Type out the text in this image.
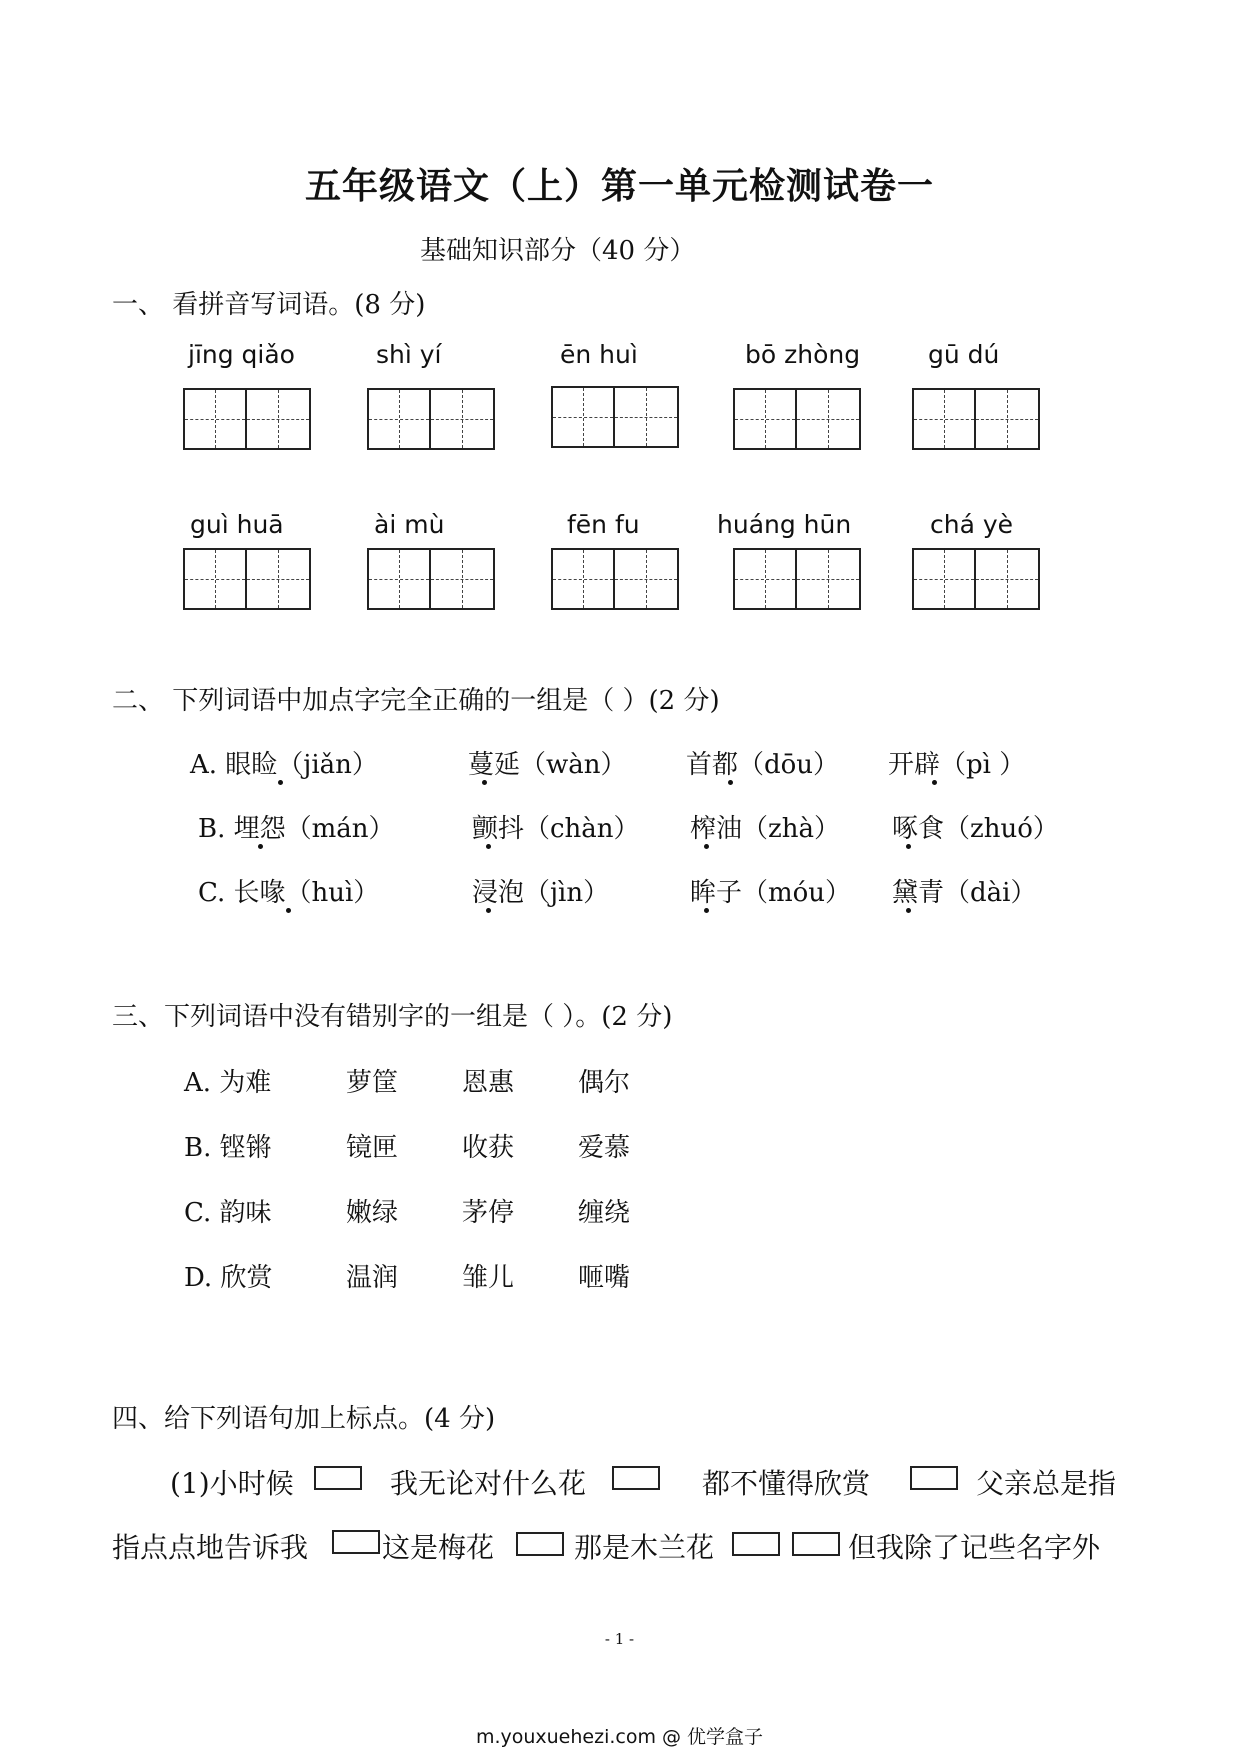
五年级语文（上）第一单元检测试卷一
基础知识部分（40 分）
一、 看拼音写词语。(8 分)
jīng qiǎo	shì yí	ēn huì	bō zhòng	gū dú
guì huā	ài mù	fēn fu	huáng hūn	chá yè
二、 下列词语中加点字完全正确的一组是（ ）(2 分)
A. 眼睑（jiǎn）	蔓延（wàn） 首都（dōu） 开辟（pì ）
B. 埋怨（mán）	颤抖（chàn） 榨油（zhà） 啄食（zhuó）
C. 长喙（huì）	浸泡（jìn）	眸子（móu） 黛青（dài）
三、下列词语中没有错别字的一组是（ ）。(2 分)
A. 为难	萝筐 恩惠 偶尔
B. 铿锵	镜匣 收获 爱慕
C. 韵味	嫩绿 茅停 缠绕
D. 欣赏	温润 雏儿 咂嘴
四、给下列语句加上标点。(4 分)
(1)小时候	我无论对什么花	都不懂得欣赏	父亲总是指
指点点地告诉我	这是梅花	那是木兰花	但我除了记些名字外
- 1 -
m.youxuehezi.com @ 优学盒子
